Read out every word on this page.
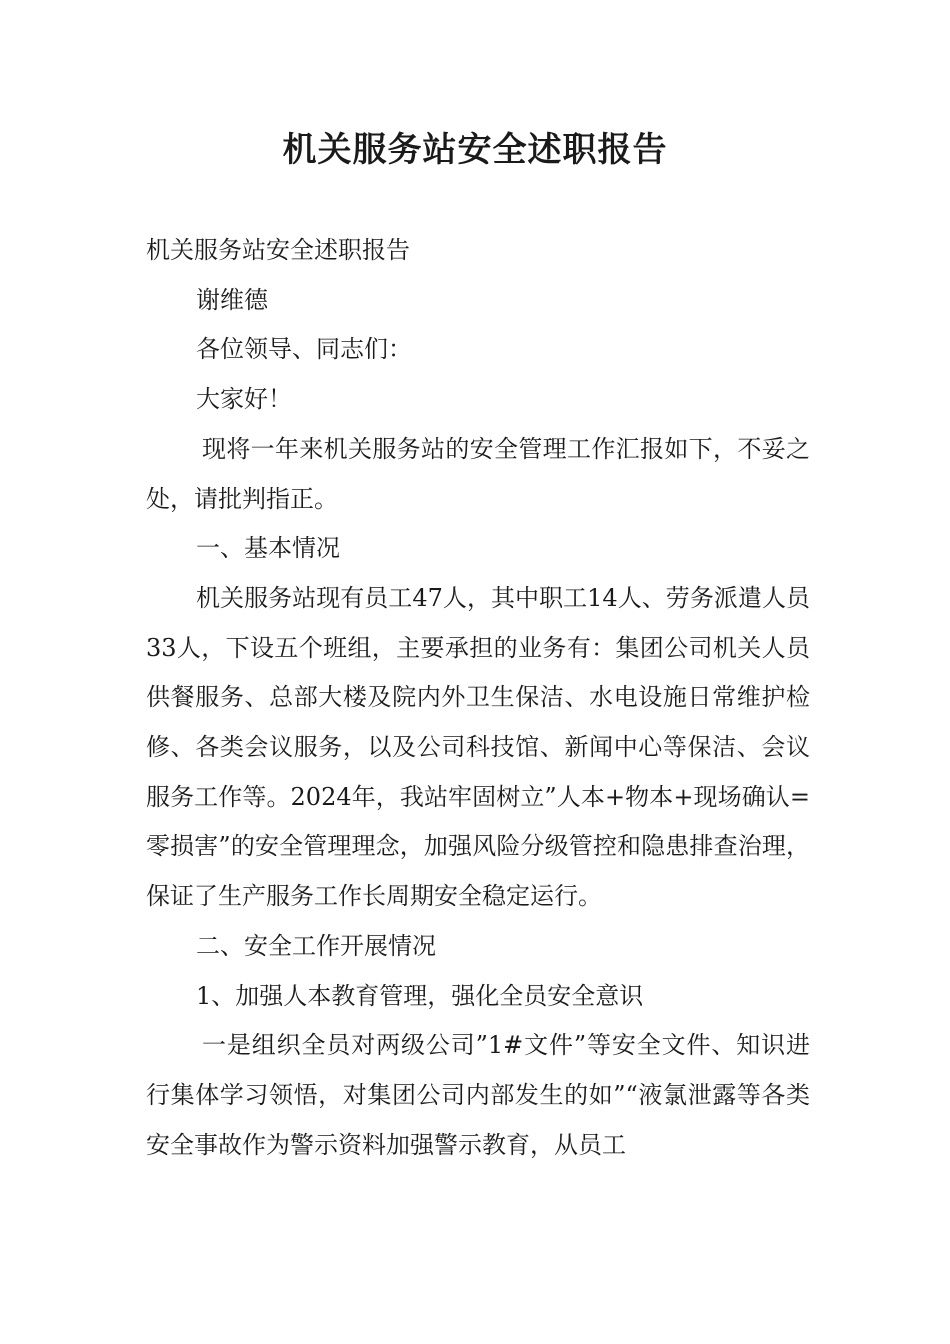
机关服务站安全述职报告

机关服务站安全述职报告

谢维德

各位领导、同志们：

大家好！

现将一年来机关服务站的安全管理工作汇报如下，不妥之处，请批判指正。

一、基本情况

机关服务站现有员工47人，其中职工14人、劳务派遣人员33人，下设五个班组，主要承担的业务有：集团公司机关人员供餐服务、总部大楼及院内外卫生保洁、水电设施日常维护检修、各类会议服务，以及公司科技馆、新闻中心等保洁、会议服务工作等。2024年，我站牢固树立”人本+物本+现场确认=零损害”的安全管理理念，加强风险分级管控和隐患排查治理，保证了生产服务工作长周期安全稳定运行。

二、安全工作开展情况

1、加强人本教育管理，强化全员安全意识

一是组织全员对两级公司”1#文件”等安全文件、知识进行集体学习领悟，对集团公司内部发生的如”“液氯泄露等各类安全事故作为警示资料加强警示教育，从员工
